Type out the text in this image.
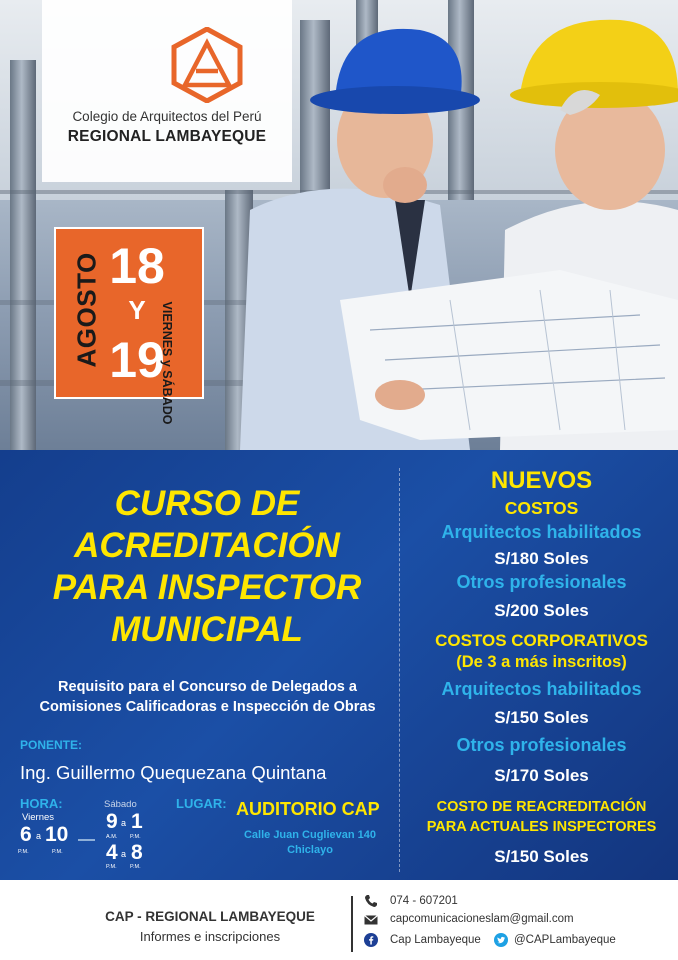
Colegio de Arquitectos del Perú
REGIONAL LAMBAYEQUE
AGOSTO 18
Y
19
VIERNES y SÁBADO
CURSO DE
ACREDITACIÓN
PARA INSPECTOR
MUNICIPAL
Requisito para el Concurso de Delegados a
Comisiones Calificadoras e Inspección de Obras
PONENTE:
Ing. Guillermo Quequezana Quintana
HORA:
Viernes
6 a 10
P.M.	P.M.
Sábado
9 a 1
A.M. P.M.
4 a 8
P.M. P.M.
LUGAR: AUDITORIO CAP
Calle Juan Cuglievan 140
Chiclayo
NUEVOS
COSTOS
Arquitectos habilitados
S/180 Soles
Otros profesionales
S/200 Soles
COSTOS CORPORATIVOS
(De 3 a más inscritos)
Arquitectos habilitados
S/150 Soles
Otros profesionales
S/170 Soles
COSTO DE REACREDITACIÓN
PARA ACTUALES INSPECTORES
S/150 Soles
CAP - REGIONAL LAMBAYEQUE
Informes e inscripciones
074 - 607201
capcomunicacioneslam@gmail.com
Cap Lambayeque	@CAPLambayeque
